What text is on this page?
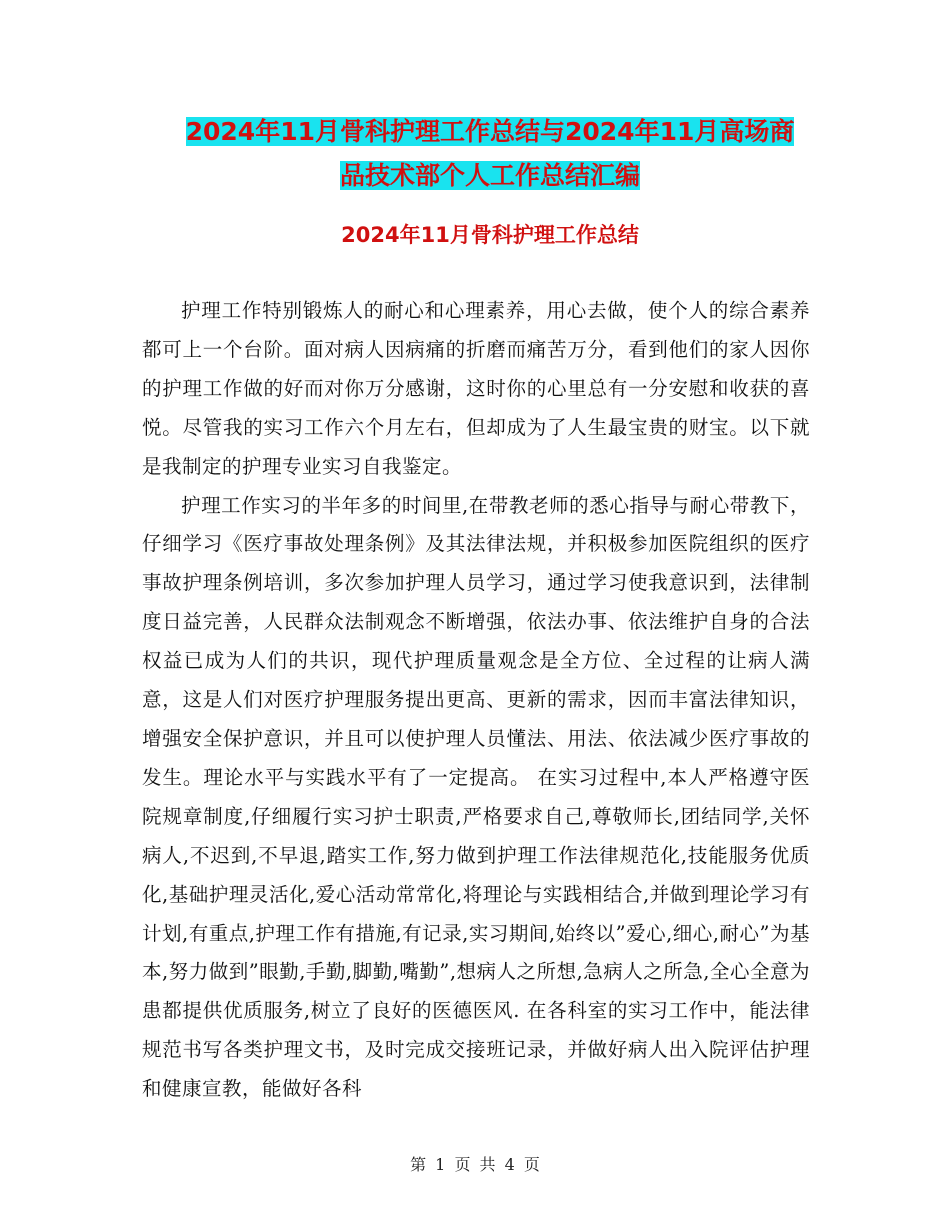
2024年11月骨科护理工作总结与2024年11月高场商
品技术部个人工作总结汇编
2024年11月骨科护理工作总结

护理工作特别锻炼人的耐心和心理素养，用心去做，使个人的综合素养都可上一个台阶。面对病人因病痛的折磨而痛苦万分，看到他们的家人因你的护理工作做的好而对你万分感谢，这时你的心里总有一分安慰和收获的喜悦。尽管我的实习工作六个月左右，但却成为了人生最宝贵的财宝。以下就是我制定的护理专业实习自我鉴定。

护理工作实习的半年多的时间里,在带教老师的悉心指导与耐心带教下，仔细学习《医疗事故处理条例》及其法律法规，并积极参加医院组织的医疗事故护理条例培训，多次参加护理人员学习，通过学习使我意识到，法律制度日益完善，人民群众法制观念不断增强，依法办事、依法维护自身的合法权益已成为人们的共识，现代护理质量观念是全方位、全过程的让病人满意，这是人们对医疗护理服务提出更高、更新的需求，因而丰富法律知识，增强安全保护意识，并且可以使护理人员懂法、用法、依法减少医疗事故的发生。理论水平与实践水平有了一定提高。 在实习过程中,本人严格遵守医院规章制度,仔细履行实习护士职责,严格要求自己,尊敬师长,团结同学,关怀病人,不迟到,不早退,踏实工作,努力做到护理工作法律规范化,技能服务优质化,基础护理灵活化,爱心活动常常化,将理论与实践相结合,并做到理论学习有计划,有重点,护理工作有措施,有记录,实习期间,始终以”爱心,细心,耐心”为基本,努力做到”眼勤,手勤,脚勤,嘴勤”,想病人之所想,急病人之所急,全心全意为患都提供优质服务,树立了良好的医德医风. 在各科室的实习工作中，能法律规范书写各类护理文书，及时完成交接班记录，并做好病人出入院评估护理和健康宣教，能做好各科

第 1 页 共 4 页
